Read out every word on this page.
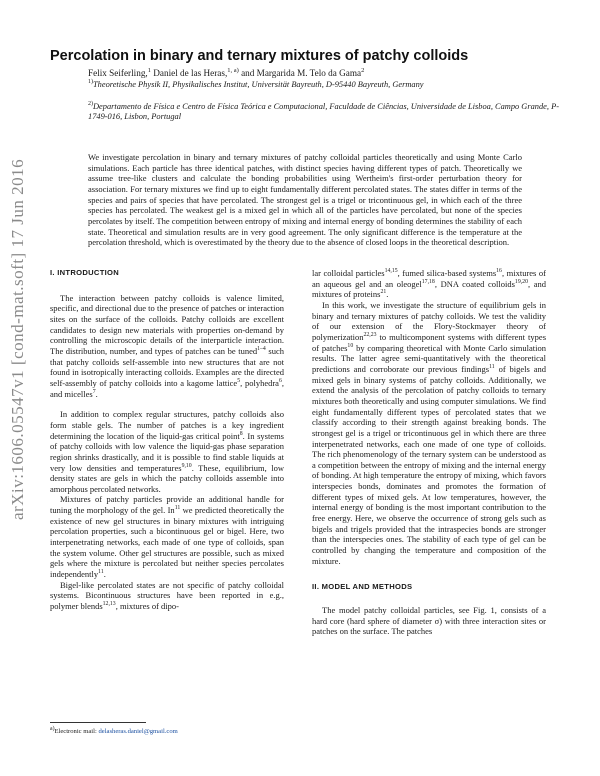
arXiv:1606.05547v1 [cond-mat.soft] 17 Jun 2016
Percolation in binary and ternary mixtures of patchy colloids
Felix Seiferling,$^1$ Daniel de las Heras,$^{1, a)}$ and Margarida M. Telo da Gama$^2$
$^{1)}$Theoretische Physik II, Physikalisches Institut, Universität Bayreuth, D-95440 Bayreuth, Germany
$^{2)}$Departamento de Física e Centro de Física Teórica e Computacional, Faculdade de Ciências, Universidade de Lisboa, Campo Grande, P-1749-016, Lisbon, Portugal
We investigate percolation in binary and ternary mixtures of patchy colloidal particles theoretically and using Monte Carlo simulations. Each particle has three identical patches, with distinct species having different types of patch. Theoretically we assume tree-like clusters and calculate the bonding probabilities using Wertheim's first-order perturbation theory for association. For ternary mixtures we find up to eight fundamentally different percolated states. The states differ in terms of the species and pairs of species that have percolated. The strongest gel is a trigel or tricontinuous gel, in which each of the three species has percolated. The weakest gel is a mixed gel in which all of the particles have percolated, but none of the species percolates by itself. The competition between entropy of mixing and internal energy of bonding determines the stability of each state. Theoretical and simulation results are in very good agreement. The only significant difference is the temperature at the percolation threshold, which is overestimated by the theory due to the absence of closed loops in the theoretical description.

I. INTRODUCTION

The interaction between patchy colloids is valence limited, specific, and directional due to the presence of patches or interaction sites on the surface of the colloids. Patchy colloids are excellent candidates to design new materials with properties on-demand by controlling the microscopic details of the interparticle interaction. The distribution, number, and types of patches can be tuned$^{1-4}$ such that patchy colloids self-assemble into new structures that are not found in isotropically interacting colloids. Examples are the directed self-assembly of patchy colloids into a kagome lattice$^5$, polyhedra$^6$, and micelles$^7$.

In addition to complex regular structures, patchy colloids also form stable gels. The number of patches is a key ingredient determining the location of the liquid-gas critical point$^8$. In systems of patchy colloids with low valence the liquid-gas phase separation region shrinks drastically, and it is possible to find stable liquids at very low densities and temperatures$^{9,10}$. These, equilibrium, low density states are gels in which the patchy colloids assemble into amorphous percolated networks.

Mixtures of patchy particles provide an additional handle for tuning the morphology of the gel. In$^{11}$ we predicted theoretically the existence of new gel structures in binary mixtures with intriguing percolation properties, such a bicontinuous gel or bigel. Here, two interpenetrating networks, each made of one type of colloids, span the system volume. Other gel structures are possible, such as mixed gels where the mixture is percolated but neither species percolates independently$^{11}$.

Bigel-like percolated states are not specific of patchy colloidal systems. Bicontinuous structures have been reported in e.g., polymer blends$^{12,13}$, mixtures of dipo-

lar colloidal particles$^{14,15}$, fumed silica-based systems$^{16}$, mixtures of an aqueous gel and an oleogel$^{17,18}$, DNA coated colloids$^{19,20}$, and mixtures of proteins$^{21}$.

In this work, we investigate the structure of equilibrium gels in binary and ternary mixtures of patchy colloids. We test the validity of our extension of the Flory-Stockmayer theory of polymerization$^{22,23}$ to multicomponent systems with different types of patches$^{10}$ by comparing theoretical with Monte Carlo simulation results. The latter agree semi-quantitatively with the theoretical predictions and corroborate our previous findings$^{11}$ of bigels and mixed gels in binary systems of patchy colloids. Additionally, we extend the analysis of the percolation of patchy colloids to ternary mixtures both theoretically and using computer simulations. We find eight fundamentally different types of percolated states that we classify according to their strength against breaking bonds. The strongest gel is a trigel or tricontinuous gel in which there are three interpenetrated networks, each one made of one type of colloids. The rich phenomenology of the ternary system can be understood as a competition between the entropy of mixing and the internal energy of bonding. At high temperature the entropy of mixing, which favors interspecies bonds, dominates and promotes the formation of different types of mixed gels. At low temperatures, however, the internal energy of bonding is the most important contribution to the free energy. Here, we observe the occurrence of strong gels such as bigels and trigels provided that the intraspecies bonds are stronger than the interspecies ones. The stability of each type of gel can be controlled by changing the temperature and composition of the mixture.

II. MODEL AND METHODS

The model patchy colloidal particles, see Fig. 1, consists of a hard core (hard sphere of diameter σ) with three interaction sites or patches on the surface. The patches

$^{a)}$Electronic mail: delasheras.daniel@gmail.com
